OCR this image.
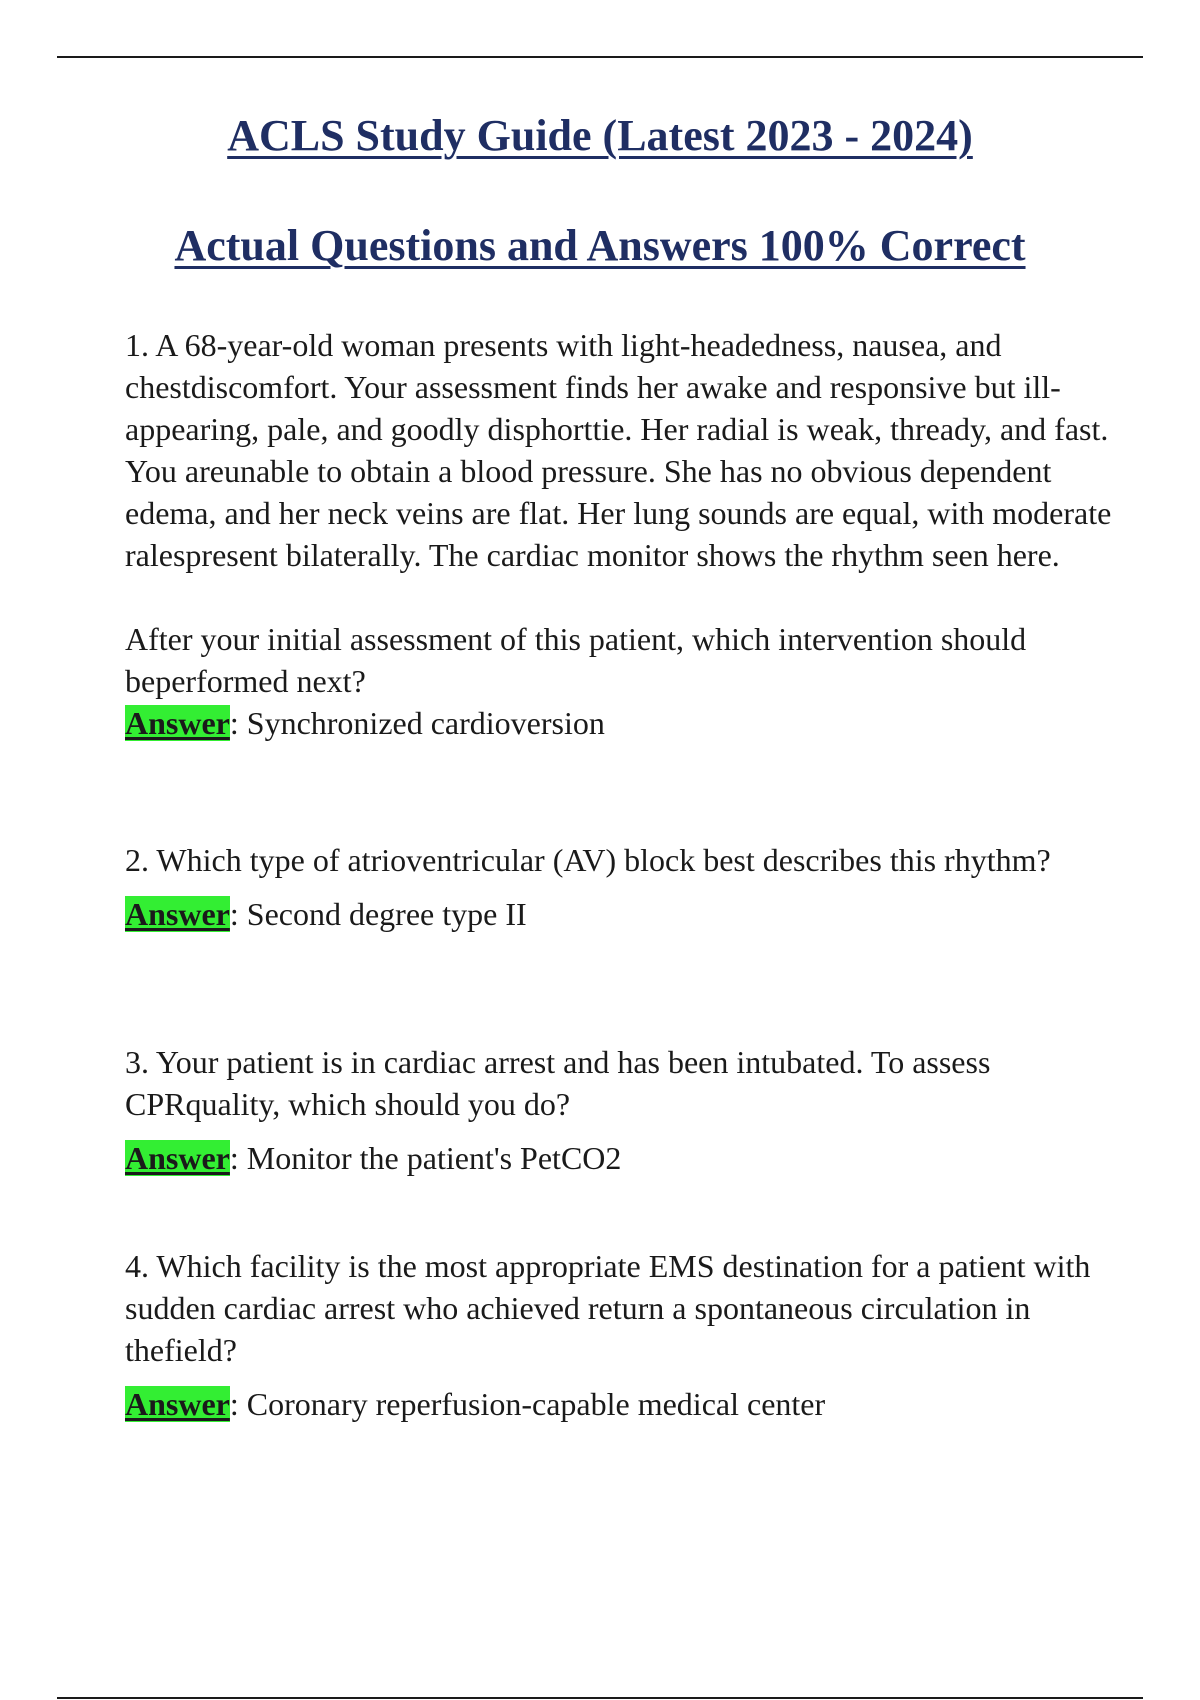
ACLS Study Guide (Latest 2023 - 2024)
Actual Questions and Answers 100% Correct

1. A 68-year-old woman presents with light-headedness, nausea, and chestdiscomfort. Your assessment finds her awake and responsive but ill-appearing, pale, and goodly disphorttie. Her radial is weak, thready, and fast. You areunable to obtain a blood pressure. She has no obvious dependent edema, and her neck veins are flat. Her lung sounds are equal, with moderate ralespresent bilaterally. The cardiac monitor shows the rhythm seen here.

After your initial assessment of this patient, which intervention should beperformed next?

Answer: Synchronized cardioversion

2. Which type of atrioventricular (AV) block best describes this rhythm?

Answer: Second degree type II

3. Your patient is in cardiac arrest and has been intubated. To assess CPRquality, which should you do?

Answer: Monitor the patient's PetCO2

4. Which facility is the most appropriate EMS destination for a patient with sudden cardiac arrest who achieved return a spontaneous circulation in thefield?

Answer: Coronary reperfusion-capable medical center
